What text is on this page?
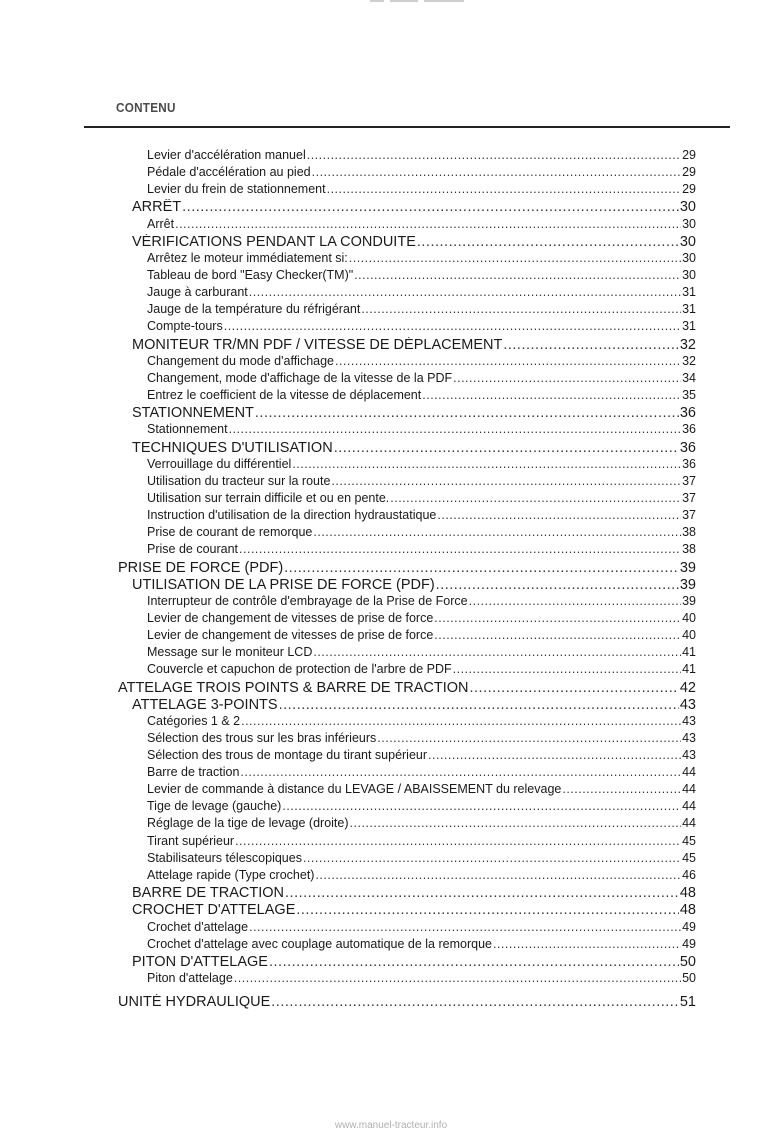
CONTENU
Levier d'accélération manuel .....	29
Pédale d'accélération au pied .....	29
Levier du frein de stationnement .....	29
ARRÊT .....	30
Arrêt .....	30
VÉRIFICATIONS PENDANT LA CONDUITE .....	30
Arrêtez le moteur immédiatement si: .....	30
Tableau de bord "Easy Checker(TM)" .....	30
Jauge à carburant .....	31
Jauge de la température du réfrigérant .....	31
Compte-tours .....	31
MONITEUR TR/MN PDF / VITESSE DE DÉPLACEMENT .....	32
Changement du mode d'affichage .....	32
Changement, mode d'affichage de la vitesse de la PDF .....	34
Entrez le coefficient de la vitesse de déplacement .....	35
STATIONNEMENT .....	36
Stationnement .....	36
TECHNIQUES D'UTILISATION .....	36
Verrouillage du différentiel .....	36
Utilisation du tracteur sur la route .....	37
Utilisation sur terrain difficile et ou en pente. .....	37
Instruction d'utilisation de la direction hydraustatique .....	37
Prise de courant de remorque .....	38
Prise de courant .....	38
PRISE DE FORCE (PDF) .....	39
UTILISATION DE LA PRISE DE FORCE (PDF) .....	39
Interrupteur de contrôle d'embrayage de la Prise de Force .....	39
Levier de changement de vitesses de prise de force .....	40
Levier de changement de vitesses de prise de force .....	40
Message sur le moniteur LCD .....	41
Couvercle et capuchon de protection de l'arbre de PDF .....	41
ATTELAGE TROIS POINTS & BARRE DE TRACTION .....	42
ATTELAGE 3-POINTS .....	43
Catégories 1 & 2 .....	43
Sélection des trous sur les bras inférieurs .....	43
Sélection des trous de montage du tirant supérieur .....	43
Barre de traction .....	44
Levier de commande à distance du LEVAGE / ABAISSEMENT du relevage .....	44
Tige de levage (gauche) .....	44
Réglage de la tige de levage (droite) .....	44
Tirant supérieur .....	45
Stabilisateurs télescopiques .....	45
Attelage rapide (Type crochet) .....	46
BARRE DE TRACTION .....	48
CROCHET D'ATTELAGE .....	48
Crochet d'attelage .....	49
Crochet d'attelage avec couplage automatique de la remorque .....	49
PITON D'ATTELAGE .....	50
Piton d'attelage .....	50
UNITÉ HYDRAULIQUE .....	51
www.manuel-tracteur.info
